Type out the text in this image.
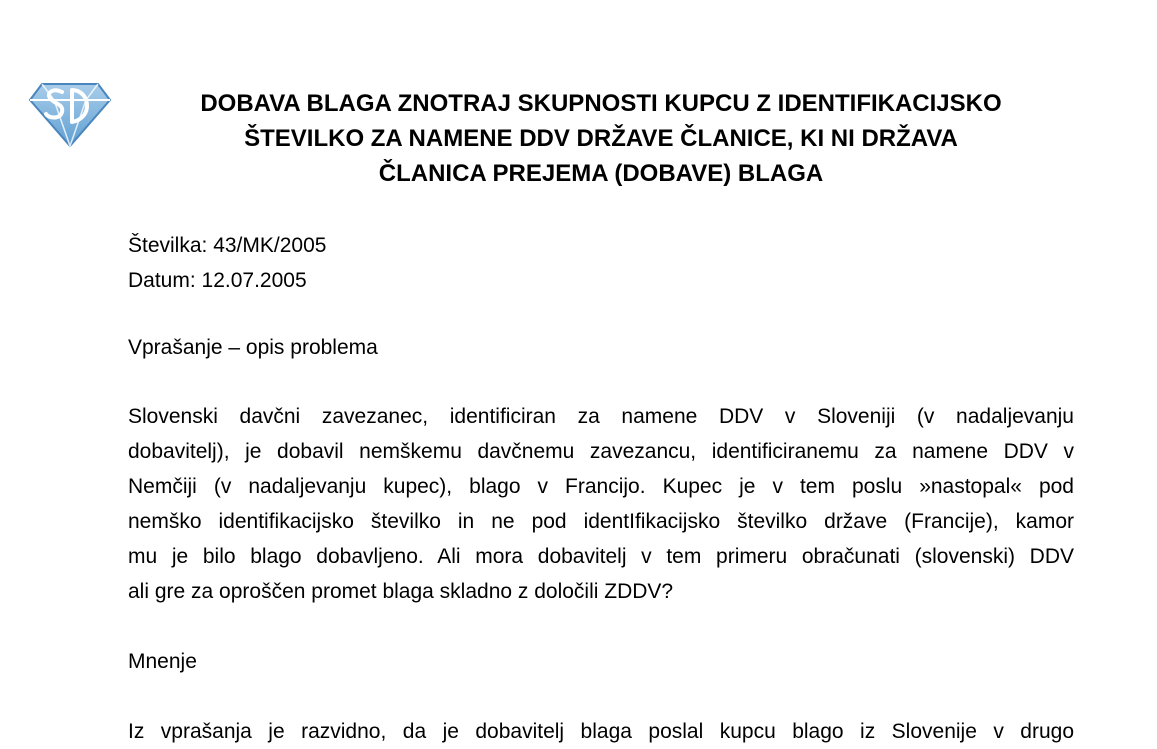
DOBAVA BLAGA ZNOTRAJ SKUPNOSTI KUPCU Z IDENTIFIKACIJSKO
ŠTEVILKO ZA NAMENE DDV DRŽAVE ČLANICE, KI NI DRŽAVA
ČLANICA PREJEMA (DOBAVE) BLAGA
Številka: 43/MK/2005
Datum: 12.07.2005
Vprašanje – opis problema
Slovenski davčni zavezanec, identificiran za namene DDV v Sloveniji (v nadaljevanju
dobavitelj), je dobavil nemškemu davčnemu zavezancu, identificiranemu za namene DDV v
Nemčiji (v nadaljevanju kupec), blago v Francijo. Kupec je v tem poslu »nastopal« pod
nemško identifikacijsko številko in ne pod identIfikacijsko številko države (Francije), kamor
mu je bilo blago dobavljeno. Ali mora dobavitelj v tem primeru obračunati (slovenski) DDV
ali gre za oproščen promet blaga skladno z določili ZDDV?
Mnenje
Iz vprašanja je razvidno, da je dobavitelj blaga poslal kupcu blago iz Slovenije v drugo
